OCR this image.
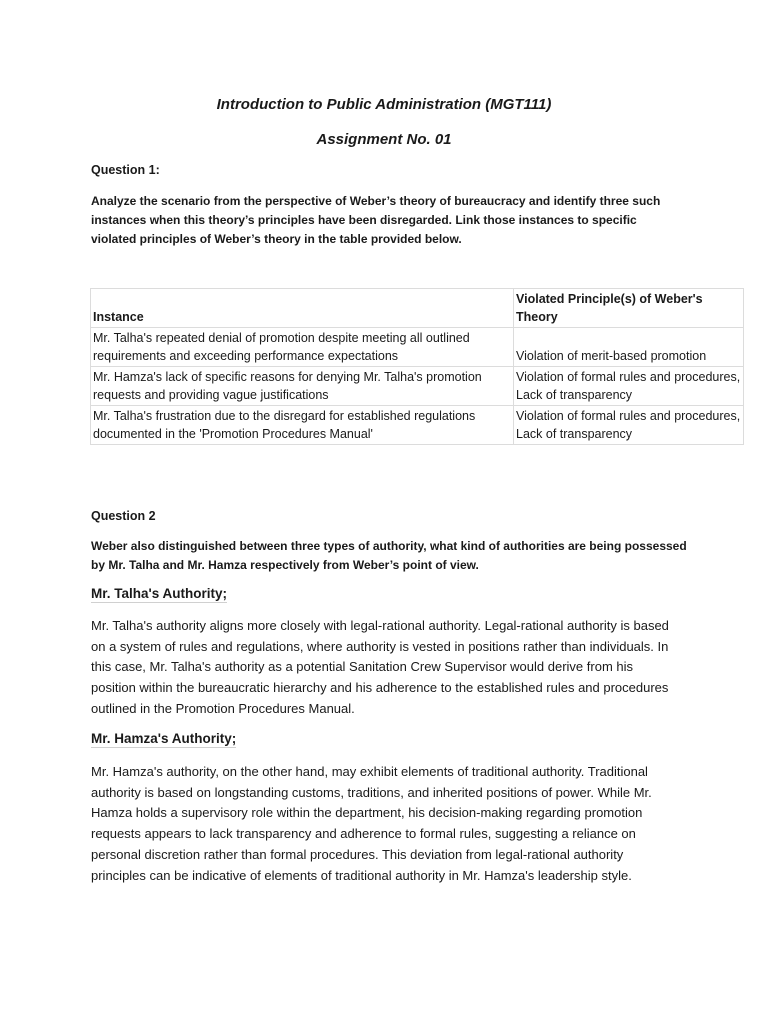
Introduction to Public Administration (MGT111)
Assignment No. 01
Question 1:
Analyze the scenario from the perspective of Weber’s theory of bureaucracy and identify three such instances when this theory’s principles have been disregarded. Link those instances to specific violated principles of Weber’s theory in the table provided below.
Instance	Violated Principle(s) of Weber's Theory
Mr. Talha's repeated denial of promotion despite meeting all outlined requirements and exceeding performance expectations	Violation of merit-based promotion
Mr. Hamza's lack of specific reasons for denying Mr. Talha's promotion requests and providing vague justifications	Violation of formal rules and procedures, Lack of transparency
Mr. Talha's frustration due to the disregard for established regulations documented in the 'Promotion Procedures Manual'	Violation of formal rules and procedures, Lack of transparency
Question 2
Weber also distinguished between three types of authority, what kind of authorities are being possessed by Mr. Talha and Mr. Hamza respectively from Weber’s point of view.
Mr. Talha's Authority;
Mr. Talha's authority aligns more closely with legal-rational authority. Legal-rational authority is based on a system of rules and regulations, where authority is vested in positions rather than individuals. In this case, Mr. Talha's authority as a potential Sanitation Crew Supervisor would derive from his position within the bureaucratic hierarchy and his adherence to the established rules and procedures outlined in the Promotion Procedures Manual.
Mr. Hamza's Authority;
Mr. Hamza's authority, on the other hand, may exhibit elements of traditional authority. Traditional authority is based on longstanding customs, traditions, and inherited positions of power. While Mr. Hamza holds a supervisory role within the department, his decision-making regarding promotion requests appears to lack transparency and adherence to formal rules, suggesting a reliance on personal discretion rather than formal procedures. This deviation from legal-rational authority principles can be indicative of elements of traditional authority in Mr. Hamza's leadership style.
